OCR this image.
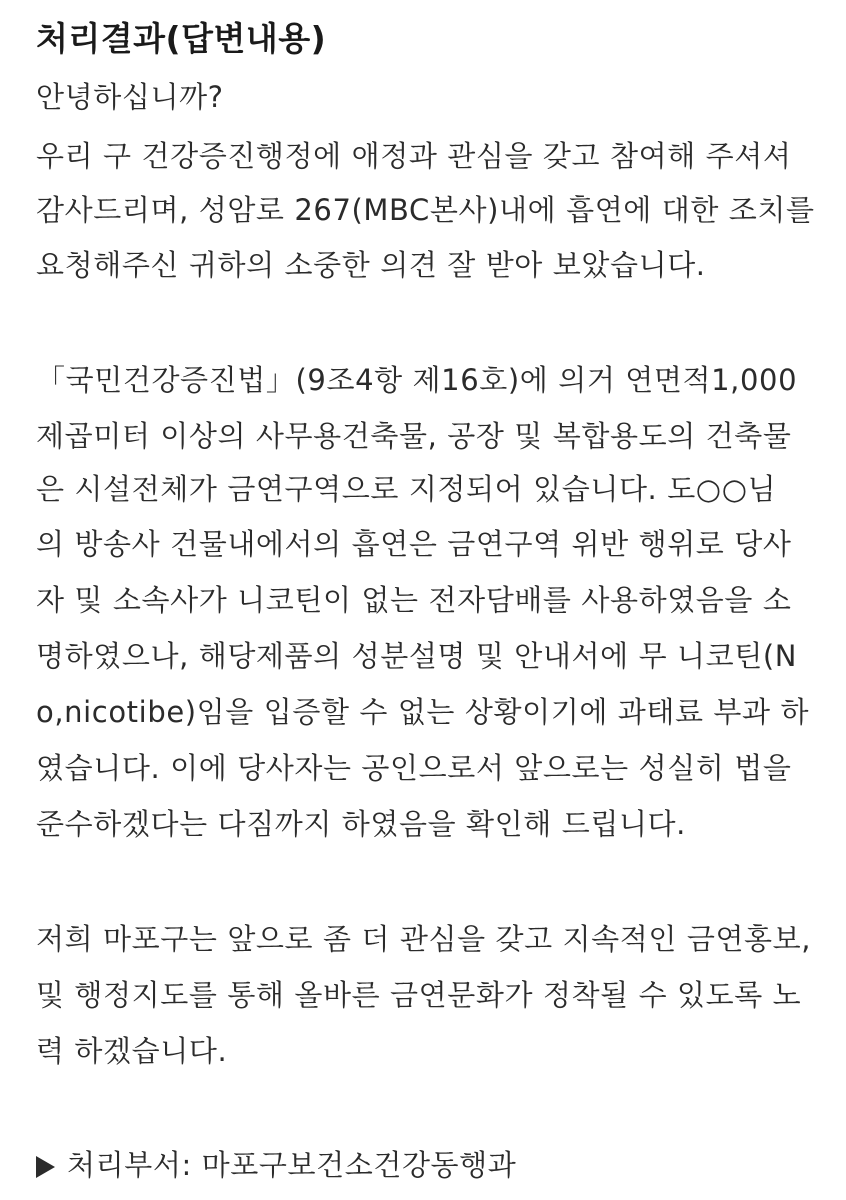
처리결과(답변내용)

안녕하십니까?

우리 구 건강증진행정에 애정과 관심을 갖고 참여해 주셔셔

감사드리며, 성암로 267(MBC본사)내에 흡연에 대한 조치를

요청해주신 귀하의 소중한 의견 잘 받아 보았습니다.

「국민건강증진법」(9조4항 제16호)에 의거 연면적1,000

제곱미터 이상의 사무용건축물, 공장 및 복합용도의 건축물

은 시설전체가 금연구역으로 지정되어 있습니다. 도○○님

의 방송사 건물내에서의 흡연은 금연구역 위반 행위로 당사

자 및 소속사가 니코틴이 없는 전자담배를 사용하였음을 소

명하였으나, 해당제품의 성분설명 및 안내서에 무 니코틴(N

o,nicotibe)임을 입증할 수 없는 상황이기에 과태료 부과 하

였습니다. 이에 당사자는 공인으로서 앞으로는 성실히 법을

준수하겠다는 다짐까지 하였음을 확인해 드립니다.

저희 마포구는 앞으로 좀 더 관심을 갖고 지속적인 금연홍보,

및 행정지도를 통해 올바른 금연문화가 정착될 수 있도록 노

력 하겠습니다.

처리부서: 마포구보건소건강동행과
